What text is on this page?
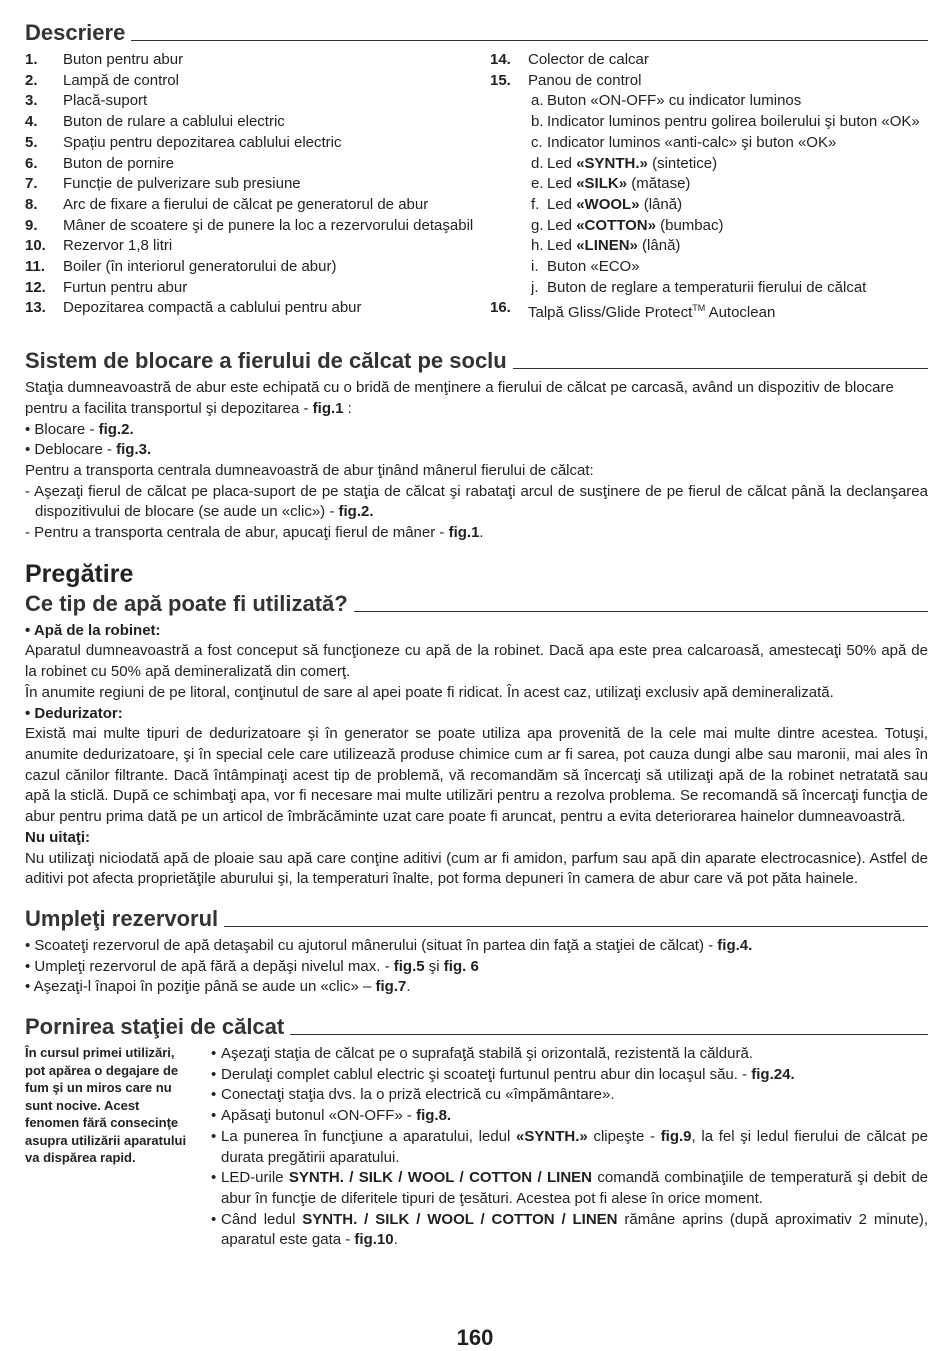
Descriere
1.	Buton pentru abur
2.	Lampă de control
3.	Placă-suport
4.	Buton de rulare a cablului electric
5.	Spațiu pentru depozitarea cablului electric
6.	Buton de pornire
7.	Funcție de pulverizare sub presiune
8.	Arc de fixare a fierului de călcat pe generatorul de abur
9.	Mâner de scoatere şi de punere la loc a rezervorului detaşabil
10.	Rezervor 1,8 litri
11.	Boiler (în interiorul generatorului de abur)
12.	Furtun pentru abur
13.	Depozitarea compactă a cablului pentru abur
14.	Colector de calcar
15.	Panou de control
a. Buton «ON-OFF» cu indicator luminos
b. Indicator luminos pentru golirea boilerului şi buton «OK»
c. Indicator luminos «anti-calc» şi buton «OK»
d. Led «SYNTH.» (sintetice)
e. Led «SILK» (mătase)
f. Led «WOOL» (lână)
g. Led «COTTON» (bumbac)
h. Led «LINEN» (lână)
i. Buton «ECO»
j. Buton de reglare a temperaturii fierului de călcat
16.	Talpă Gliss/Glide Protect™ Autoclean
Sistem de blocare a fierului de călcat pe soclu

Staţia dumneavoastră de abur este echipată cu o bridă de menţinere a fierului de călcat pe carcasă, având un dispozitiv de blocare pentru a facilita transportul şi depozitarea - fig.1 :

• Blocare - fig.2.

• Deblocare - fig.3.

Pentru a transporta centrala dumneavoastră de abur ţinând mânerul fierului de călcat:

- Aşezaţi fierul de călcat pe placa-suport de pe staţia de călcat şi rabataţi arcul de susţinere de pe fierul de călcat până la declanşarea dispozitivului de blocare (se aude un «clic») - fig.2.

- Pentru a transporta centrala de abur, apucaţi fierul de mâner - fig.1.

Pregătire
Ce tip de apă poate fi utilizată?

• Apă de la robinet:

Aparatul dumneavoastră a fost conceput să funcţioneze cu apă de la robinet. Dacă apa este prea calcaroasă, amestecaţi 50% apă de la robinet cu 50% apă demineralizată din comerţ.

În anumite regiuni de pe litoral, conţinutul de sare al apei poate fi ridicat. În acest caz, utilizaţi exclusiv apă demineralizată.

• Dedurizator:

Există mai multe tipuri de dedurizatoare şi în generator se poate utiliza apa provenită de la cele mai multe dintre acestea. Totuşi, anumite dedurizatoare, şi în special cele care utilizează produse chimice cum ar fi sarea, pot cauza dungi albe sau maronii, mai ales în cazul cănilor filtrante. Dacă întâmpinaţi acest tip de problemă, vă recomandăm să încercaţi să utilizaţi apă de la robinet netratată sau apă la sticlă. După ce schimbaţi apa, vor fi necesare mai multe utilizări pentru a rezolva problema. Se recomandă să încercaţi funcţia de abur pentru prima dată pe un articol de îmbrăcăminte uzat care poate fi aruncat, pentru a evita deteriorarea hainelor dumneavoastră.

Nu uitaţi:

Nu utilizaţi niciodată apă de ploaie sau apă care conţine aditivi (cum ar fi amidon, parfum sau apă din aparate electrocasnice). Astfel de aditivi pot afecta proprietăţile aburului şi, la temperaturi înalte, pot forma depuneri în camera de abur care vă pot păta hainele.

Umpleţi rezervorul

• Scoateţi rezervorul de apă detaşabil cu ajutorul mânerului (situat în partea din faţă a staţiei de călcat) - fig.4.

• Umpleţi rezervorul de apă fără a depăşi nivelul max. - fig.5 şi fig. 6

• Aşezaţi-l înapoi în poziţie până se aude un «clic» – fig.7.

Pornirea staţiei de călcat
În cursul primei utilizări, pot apărea o degajare de fum şi un miros care nu sunt nocive. Acest fenomen fără consecinţe asupra utilizării aparatului va dispărea rapid.
• Aşezaţi staţia de călcat pe o suprafaţă stabilă şi orizontală, rezistentă la căldură.
• Derulaţi complet cablul electric şi scoateţi furtunul pentru abur din locaşul său. - fig.24.
• Conectaţi staţia dvs. la o priză electrică cu «împământare».
• Apăsaţi butonul «ON-OFF» - fig.8.
• La punerea în funcţiune a aparatului, ledul «SYNTH.» clipeşte - fig.9, la fel şi ledul fierului de călcat pe durata pregătirii aparatului.
• LED-urile SYNTH. / SILK / WOOL / COTTON / LINEN comandă combinaţiile de temperatură şi debit de abur în funcţie de diferitele tipuri de ţesături. Acestea pot fi alese în orice moment.
• Când ledul SYNTH. / SILK / WOOL / COTTON / LINEN rămâne aprins (după aproximativ 2 minute), aparatul este gata - fig.10.
160
